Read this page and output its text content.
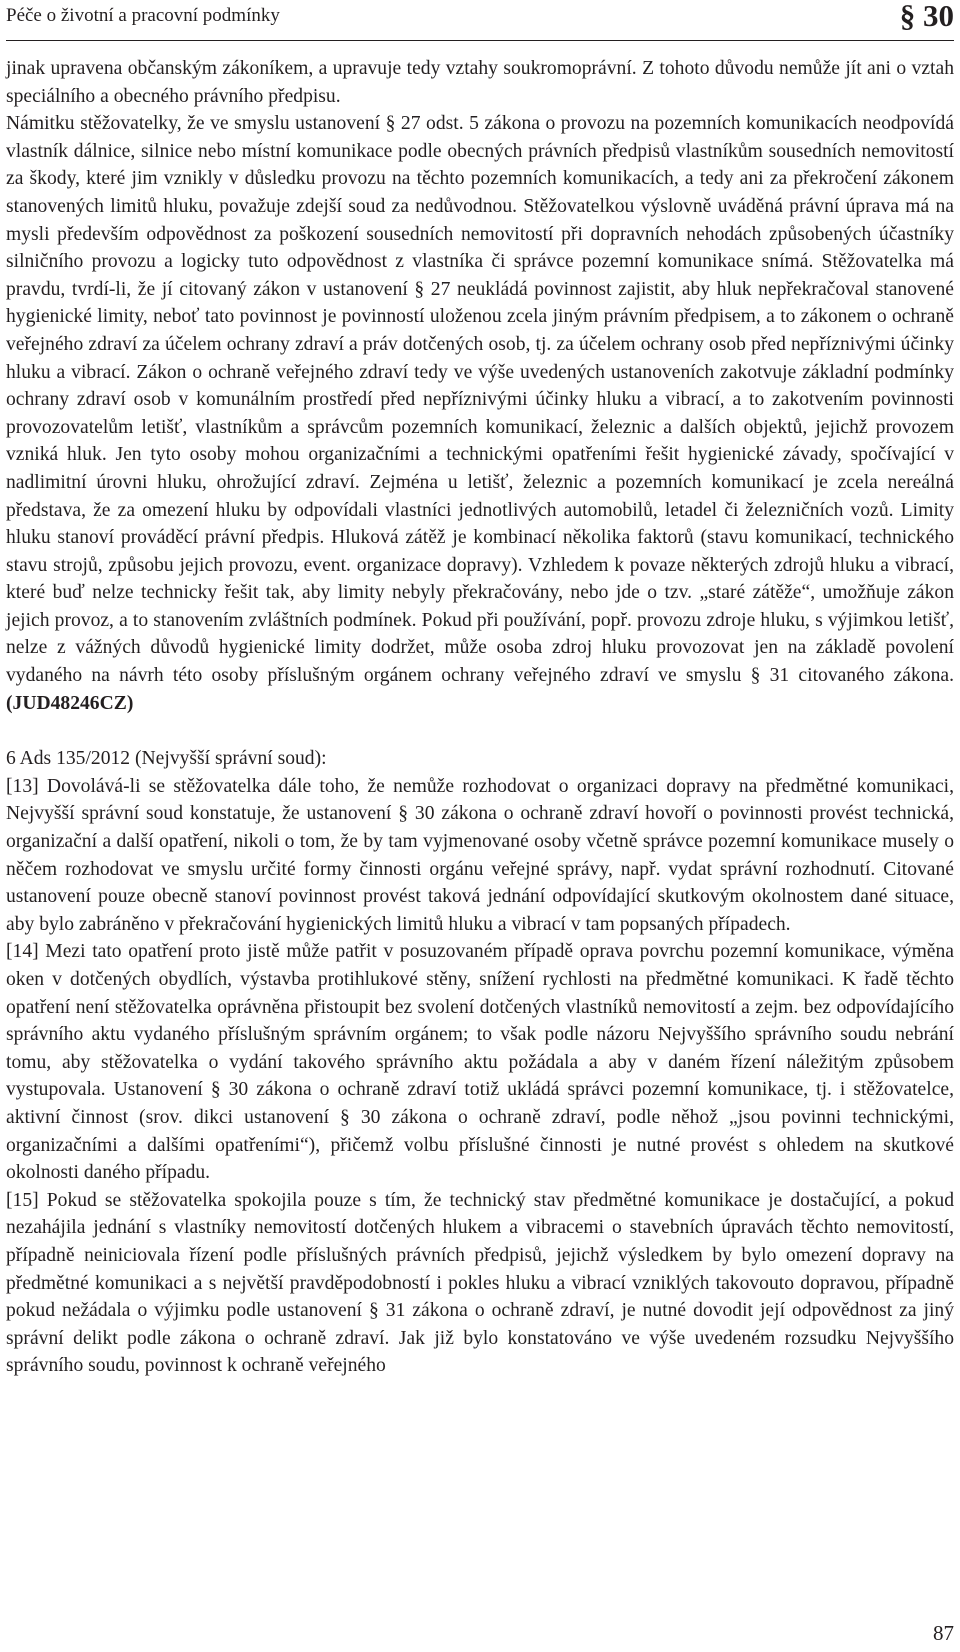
Péče o životní a pracovní podmínky	§ 30

jinak upravena občanským zákoníkem, a upravuje tedy vztahy soukromoprávní. Z tohoto důvodu nemůže jít ani o vztah speciálního a obecného právního předpisu.

Námitku stěžovatelky, že ve smyslu ustanovení § 27 odst. 5 zákona o provozu na pozemních komunikacích neodpovídá vlastník dálnice, silnice nebo místní komunikace podle obecných právních předpisů vlastníkům sousedních nemovitostí za škody, které jim vznikly v důsledku provozu na těchto pozemních komunikacích, a tedy ani za překročení zákonem stanovených limitů hluku, považuje zdejší soud za nedůvodnou. Stěžovatelkou výslovně uváděná právní úprava má na mysli především odpovědnost za poškození sousedních nemovitostí při dopravních nehodách způsobených účastníky silničního provozu a logicky tuto odpovědnost z vlastníka či správce pozemní komunikace snímá. Stěžovatelka má pravdu, tvrdí-li, že jí citovaný zákon v ustanovení § 27 neukládá povinnost zajistit, aby hluk nepřekračoval stanovené hygienické limity, neboť tato povinnost je povinností uloženou zcela jiným právním předpisem, a to zákonem o ochraně veřejného zdraví za účelem ochrany zdraví a práv dotčených osob, tj. za účelem ochrany osob před nepříznivými účinky hluku a vibrací. Zákon o ochraně veřejného zdraví tedy ve výše uvedených ustanoveních zakotvuje základní podmínky ochrany zdraví osob v komunálním prostředí před nepříznivými účinky hluku a vibrací, a to zakotvením povinnosti provozovatelům letišť, vlastníkům a správcům pozemních komunikací, železnic a dalších objektů, jejichž provozem vzniká hluk. Jen tyto osoby mohou organizačními a technickými opatřeními řešit hygienické závady, spočívající v nadlimitní úrovni hluku, ohrožující zdraví. Zejména u letišť, železnic a pozemních komunikací je zcela nereálná představa, že za omezení hluku by odpovídali vlastníci jednotlivých automobilů, letadel či železničních vozů. Limity hluku stanoví prováděcí právní předpis. Hluková zátěž je kombinací několika faktorů (stavu komunikací, technického stavu strojů, způsobu jejich provozu, event. organizace dopravy). Vzhledem k povaze některých zdrojů hluku a vibrací, které buď nelze technicky řešit tak, aby limity nebyly překračovány, nebo jde o tzv. „staré zátěže“, umožňuje zákon jejich provoz, a to stanovením zvláštních podmínek. Pokud při používání, popř. provozu zdroje hluku, s výjimkou letišť, nelze z vážných důvodů hygienické limity dodržet, může osoba zdroj hluku provozovat jen na základě povolení vydaného na návrh této osoby příslušným orgánem ochrany veřejného zdraví ve smyslu § 31 citovaného zákona. (JUD48246CZ)

6 Ads 135/2012 (Nejvyšší správní soud):

[13] Dovolává-li se stěžovatelka dále toho, že nemůže rozhodovat o organizaci dopravy na předmětné komunikaci, Nejvyšší správní soud konstatuje, že ustanovení § 30 zákona o ochraně zdraví hovoří o povinnosti provést technická, organizační a další opatření, nikoli o tom, že by tam vyjmenované osoby včetně správce pozemní komunikace musely o něčem rozhodovat ve smyslu určité formy činnosti orgánu veřejné správy, např. vydat správní rozhodnutí. Citované ustanovení pouze obecně stanoví povinnost provést taková jednání odpovídající skutkovým okolnostem dané situace, aby bylo zabráněno v překračování hygienických limitů hluku a vibrací v tam popsaných případech.

[14] Mezi tato opatření proto jistě může patřit v posuzovaném případě oprava povrchu pozemní komunikace, výměna oken v dotčených obydlích, výstavba protihlukové stěny, snížení rychlosti na předmětné komunikaci. K řadě těchto opatření není stěžovatelka oprávněna přistoupit bez svolení dotčených vlastníků nemovitostí a zejm. bez odpovídajícího správního aktu vydaného příslušným správním orgánem; to však podle názoru Nejvyššího správního soudu nebrání tomu, aby stěžovatelka o vydání takového správního aktu požádala a aby v daném řízení náležitým způsobem vystupovala. Ustanovení § 30 zákona o ochraně zdraví totiž ukládá správci pozemní komunikace, tj. i stěžovatelce, aktivní činnost (srov. dikci ustanovení § 30 zákona o ochraně zdraví, podle něhož „jsou povinni technickými, organizačními a dalšími opatřeními“), přičemž volbu příslušné činnosti je nutné provést s ohledem na skutkové okolnosti daného případu.

[15] Pokud se stěžovatelka spokojila pouze s tím, že technický stav předmětné komunikace je dostačující, a pokud nezahájila jednání s vlastníky nemovitostí dotčených hlukem a vibracemi o stavebních úpravách těchto nemovitostí, případně neiniciovala řízení podle příslušných právních předpisů, jejichž výsledkem by bylo omezení dopravy na předmětné komunikaci a s největší pravděpodobností i pokles hluku a vibrací vzniklých takovouto dopravou, případně pokud nežádala o výjimku podle ustanovení § 31 zákona o ochraně zdraví, je nutné dovodit její odpovědnost za jiný správní delikt podle zákona o ochraně zdraví. Jak již bylo konstatováno ve výše uvedeném rozsudku Nejvyššího správního soudu, povinnost k ochraně veřejného

87
